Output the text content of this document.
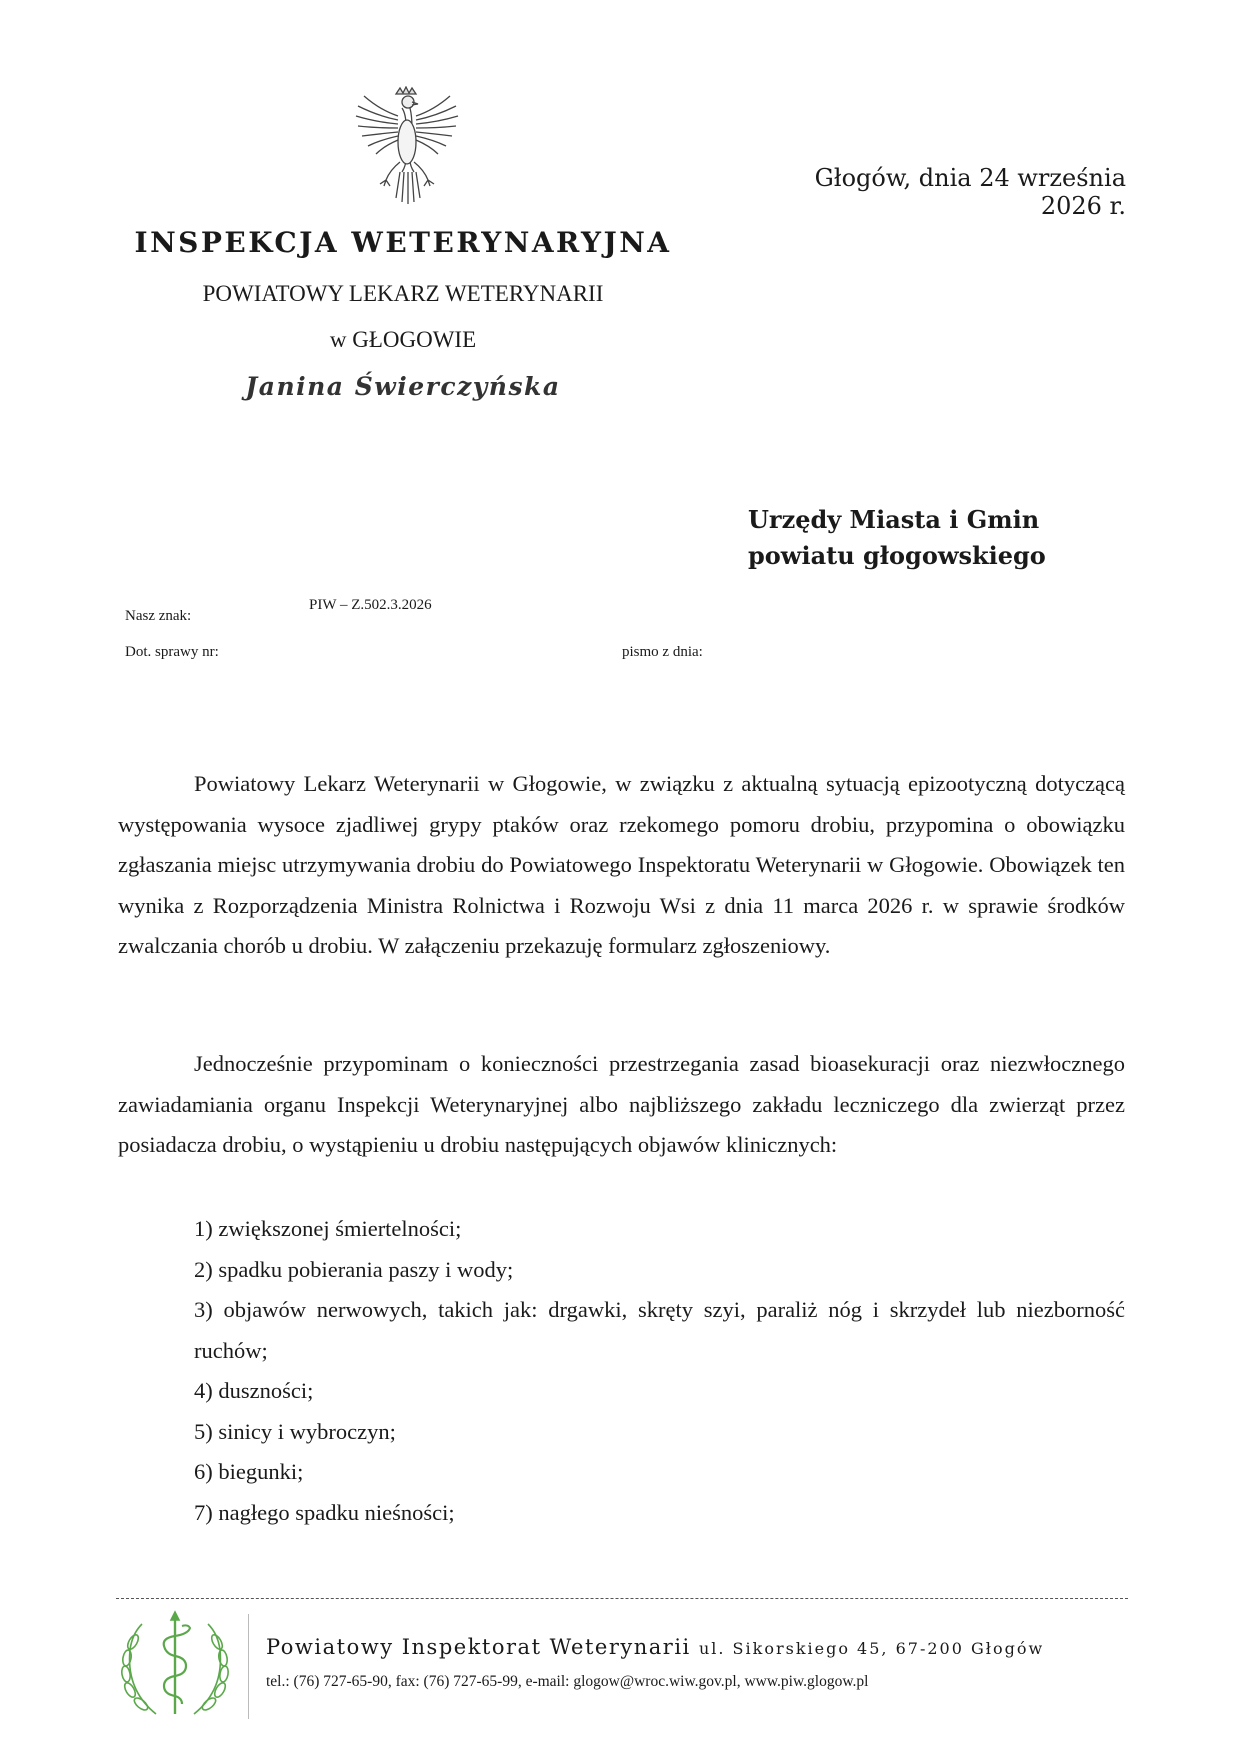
Głogów, dnia 24 września 2026 r.
INSPEKCJA WETERYNARYJNA
POWIATOWY LEKARZ WETERYNARII
w GŁOGOWIE
Janina Świerczyńska
Urzędy Miasta i Gmin
powiatu głogowskiego
Nasz znak:
PIW – Z.502.3.2026
Dot. sprawy nr:	pismo z dnia:
Powiatowy Lekarz Weterynarii w Głogowie, w związku z aktualną sytuacją epizootyczną dotyczącą występowania wysoce zjadliwej grypy ptaków oraz rzekomego pomoru drobiu, przypomina o obowiązku zgłaszania miejsc utrzymywania drobiu do Powiatowego Inspektoratu Weterynarii w Głogowie. Obowiązek ten wynika z Rozporządzenia Ministra Rolnictwa i Rozwoju Wsi z dnia 11 marca 2026 r. w sprawie środków zwalczania chorób u drobiu. W załączeniu przekazuję formularz zgłoszeniowy.
Jednocześnie przypominam o konieczności przestrzegania zasad bioasekuracji oraz niezwłocznego zawiadamiania organu Inspekcji Weterynaryjnej albo najbliższego zakładu leczniczego dla zwierząt przez posiadacza drobiu, o wystąpieniu u drobiu następujących objawów klinicznych:
1) zwiększonej śmiertelności;
2) spadku pobierania paszy i wody;
3) objawów nerwowych, takich jak: drgawki, skręty szyi, paraliż nóg i skrzydeł lub niezborność ruchów;
4) duszności;
5) sinicy i wybroczyn;
6) biegunki;
7) nagłego spadku nieśności;
Powiatowy Inspektorat Weterynarii ul. Sikorskiego 45, 67-200 Głogów
tel.: (76) 727-65-90, fax: (76) 727-65-99, e-mail: glogow@wroc.wiw.gov.pl, www.piw.glogow.pl
